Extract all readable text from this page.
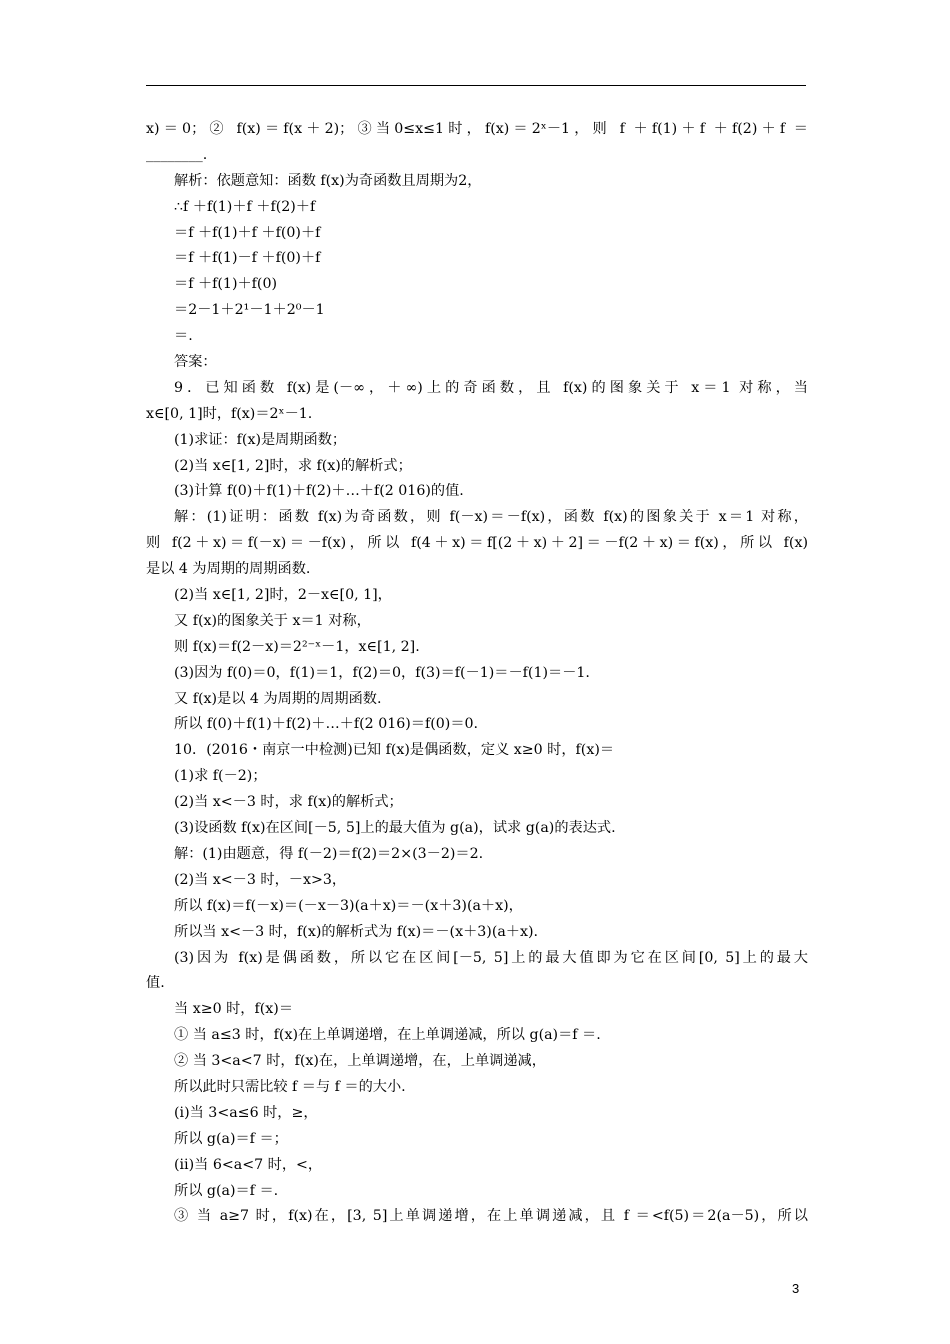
x)＝0；② f(x)＝f(x＋2)；③当0≤x≤1时，f(x)＝2ˣ－1，则 f ＋f(1)＋f ＋f(2)＋f ＝
________.
解析：依题意知：函数 f(x)为奇函数且周期为2，
∴f ＋f(1)＋f ＋f(2)＋f
＝f ＋f(1)＋f ＋f(0)＋f
＝f ＋f(1)－f ＋f(0)＋f
＝f ＋f(1)＋f(0)
＝2－1＋2¹－1＋2⁰－1
＝.
答案：
9．已知函数 f(x)是(－∞，＋∞)上的奇函数，且 f(x)的图象关于 x＝1 对称，当
x∈[0, 1]时，f(x)＝2ˣ－1.
(1)求证：f(x)是周期函数；
(2)当 x∈[1, 2]时，求 f(x)的解析式；
(3)计算 f(0)＋f(1)＋f(2)＋…＋f(2 016)的值.
解：(1)证明：函数 f(x)为奇函数，则 f(－x)＝－f(x)，函数 f(x)的图象关于 x＝1 对称，
则 f(2＋x)＝f(－x)＝－f(x)，所以 f(4＋x)＝f[(2＋x)＋2]＝－f(2＋x)＝f(x)，所以 f(x)
是以 4 为周期的周期函数.
(2)当 x∈[1, 2]时，2－x∈[0, 1]，
又 f(x)的图象关于 x＝1 对称，
则 f(x)＝f(2－x)＝2²⁻ˣ－1，x∈[1, 2].
(3)因为 f(0)＝0，f(1)＝1，f(2)＝0，f(3)＝f(－1)＝－f(1)＝－1.
又 f(x)是以 4 为周期的周期函数.
所以 f(0)＋f(1)＋f(2)＋…＋f(2 016)＝f(0)＝0.
10．(2016・南京一中检测)已知 f(x)是偶函数，定义 x≥0 时，f(x)＝
(1)求 f(－2)；
(2)当 x<－3 时，求 f(x)的解析式；
(3)设函数 f(x)在区间[－5, 5]上的最大值为 g(a)，试求 g(a)的表达式.
解：(1)由题意，得 f(－2)＝f(2)＝2×(3－2)＝2.
(2)当 x<－3 时，－x>3，
所以 f(x)＝f(－x)＝(－x－3)(a＋x)＝－(x＋3)(a＋x)，
所以当 x<－3 时，f(x)的解析式为 f(x)＝－(x＋3)(a＋x).
(3)因为 f(x)是偶函数，所以它在区间[－5, 5]上的最大值即为它在区间[0, 5]上的最大
值.
当 x≥0 时，f(x)＝
① 当 a≤3 时，f(x)在上单调递增，在上单调递减，所以 g(a)＝f ＝.
② 当 3<a<7 时，f(x)在，上单调递增，在，上单调递减，
所以此时只需比较 f ＝与 f ＝的大小.
(ⅰ)当 3<a≤6 时，≥，
所以 g(a)＝f ＝；
(ⅱ)当 6<a<7 时，<，
所以 g(a)＝f ＝.
③ 当 a≥7 时，f(x)在，[3, 5]上单调递增，在上单调递减，且 f ＝<f(5)＝2(a－5)，所以
3
